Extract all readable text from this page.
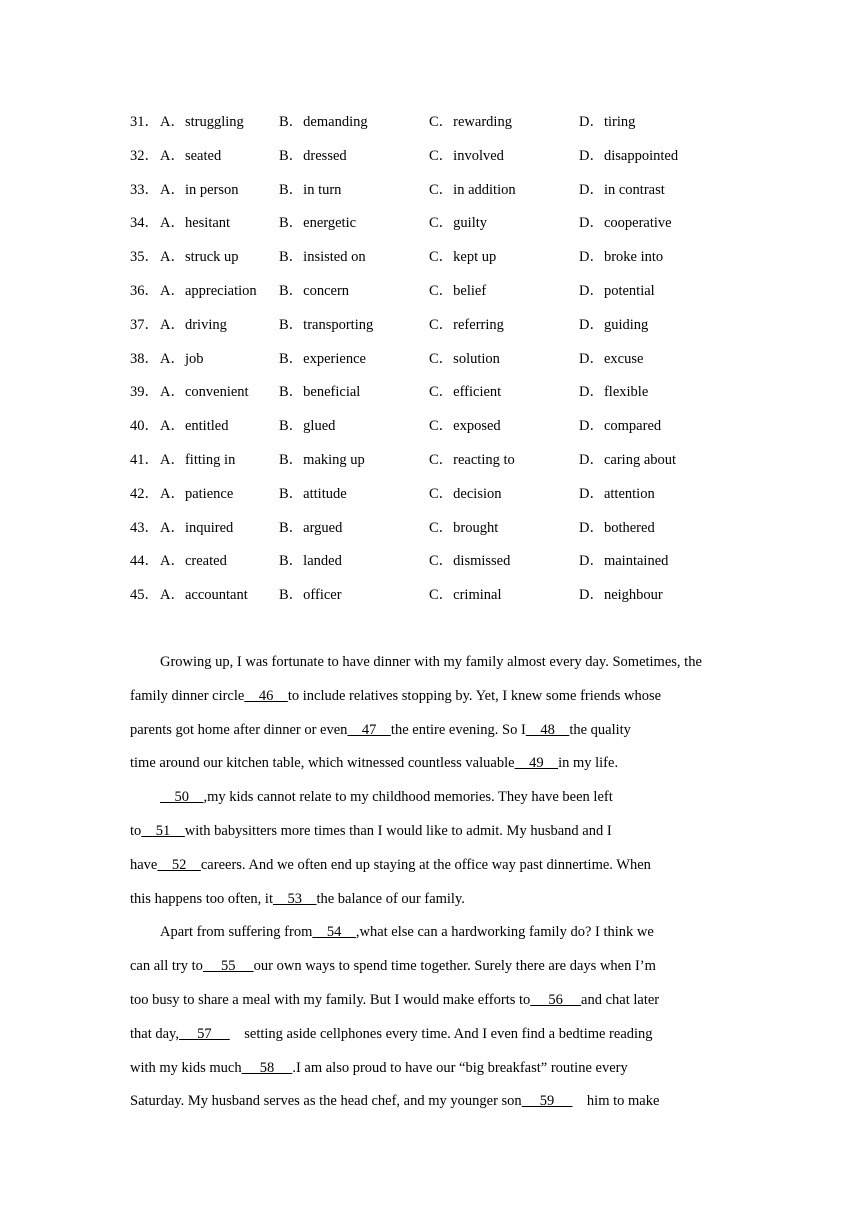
31． A．struggling B．demanding	C．rewarding	D．tiring
32． A．seated	B．dressed	C．involved	D．disappointed
33． A．in person	B．in turn	C．in addition	D．in contrast
34． A．hesitant	B．energetic	C．guilty	D．cooperative
35． A．struck up	B．insisted on	C．kept up	D．broke into
36． A．appreciation B．concern	C．belief	D．potential
37． A．driving	B．transporting	C．referring	D．guiding
38． A．job	B．experience	C．solution	D．excuse
39． A．convenient B．beneficial	C．efficient	D．flexible
40． A．entitled	B．glued	C．exposed	D．compared
41． A．fitting in	B．making up	C．reacting to	D．caring about
42． A．patience	B．attitude	C．decision	D．attention
43． A．inquired	B．argued	C．brought	D．bothered
44． A．created	B．landed	C．dismissed	D．maintained
45． A．accountant B．officer	C．criminal	D．neighbour
Growing up, I was fortunate to have dinner with my family almost every day. Sometimes, the
family dinner circle    46    to include relatives stopping by. Yet, I knew some friends whose
parents got home after dinner or even    47    the entire evening. So I    48    the quality
time around our kitchen table, which witnessed countless valuable    49    in my life.
50    ,my kids cannot relate to my childhood memories. They have been left
to    51    with babysitters more times than I would like to admit. My husband and I
have    52    careers. And we often end up staying at the office way past dinnertime. When
this happens too often, it    53    the balance of our family.
Apart from suffering from    54    ,what else can a hardworking family do? I think we
can all try to     55     our own ways to spend time together. Surely there are days when I’m
too busy to share a meal with my family. But I would make efforts to     56     and chat later
that day,     57         setting aside cellphones every time. And I even find a bedtime reading
with my kids much     58     .I am also proud to have our “big breakfast” routine every
Saturday. My husband serves as the head chef, and my younger son     59         him to make
